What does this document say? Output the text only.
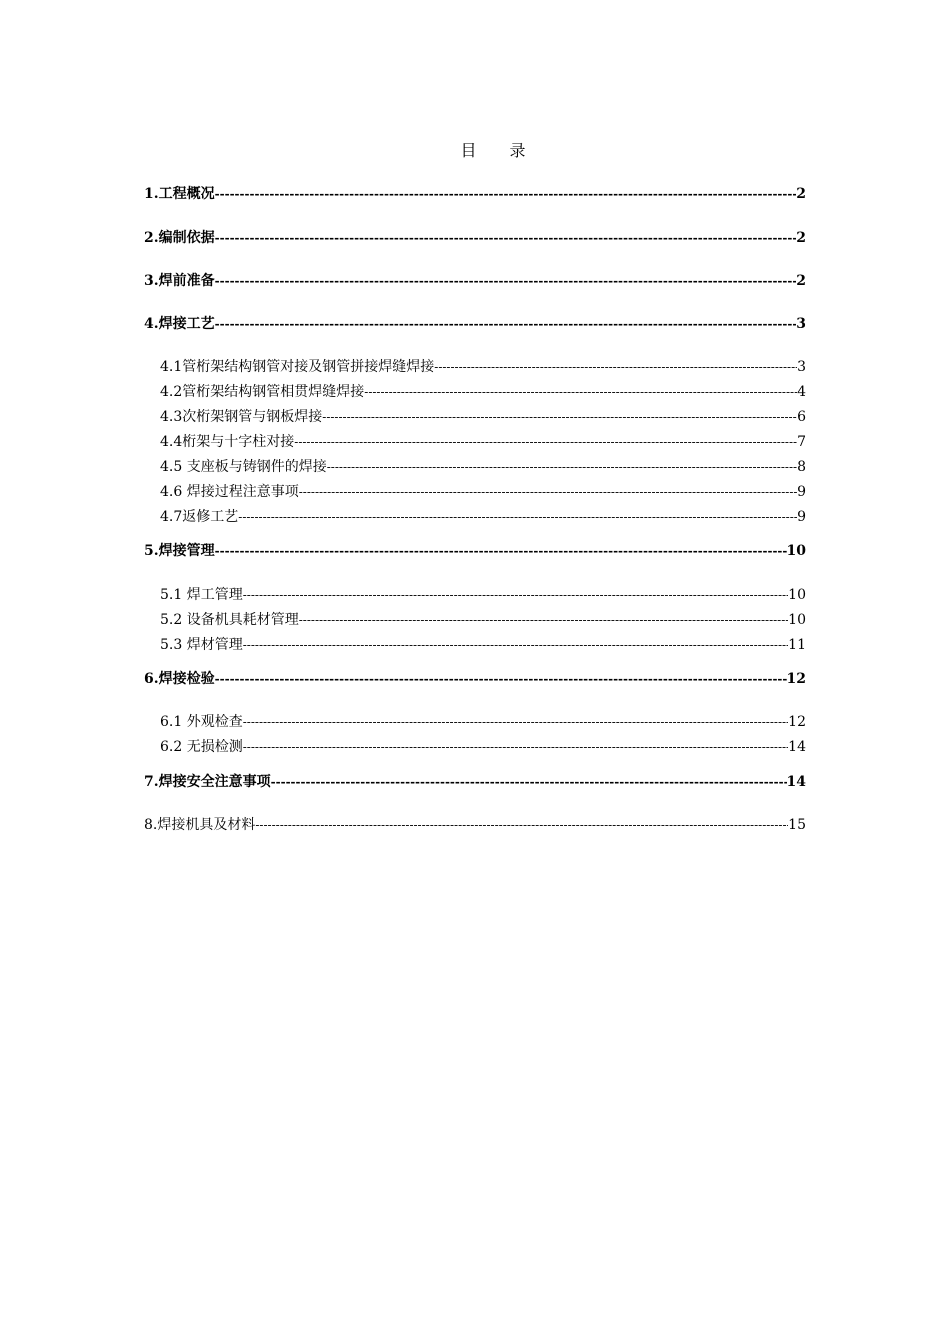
目 录
1.工程概况 -----	2
2.编制依据 -----	2
3.焊前准备 -----	2
4.焊接工艺 -----	3
4.1管桁架结构钢管对接及钢管拼接焊缝焊接 -----	3
4.2管桁架结构钢管相贯焊缝焊接 -----	4
4.3次桁架钢管与钢板焊接 -----	6
4.4桁架与十字柱对接 -----	7
4.5 支座板与铸钢件的焊接 -----	8
4.6 焊接过程注意事项 -----	9
4.7返修工艺 -----	9
5.焊接管理 -----	10
5.1 焊工管理 -----	10
5.2 设备机具耗材管理 -----	10
5.3 焊材管理 -----	11
6.焊接检验 -----	12
6.1 外观检查 -----	12
6.2 无损检测 -----	14
7.焊接安全注意事项 -----	14
8.焊接机具及材料 -----	15
